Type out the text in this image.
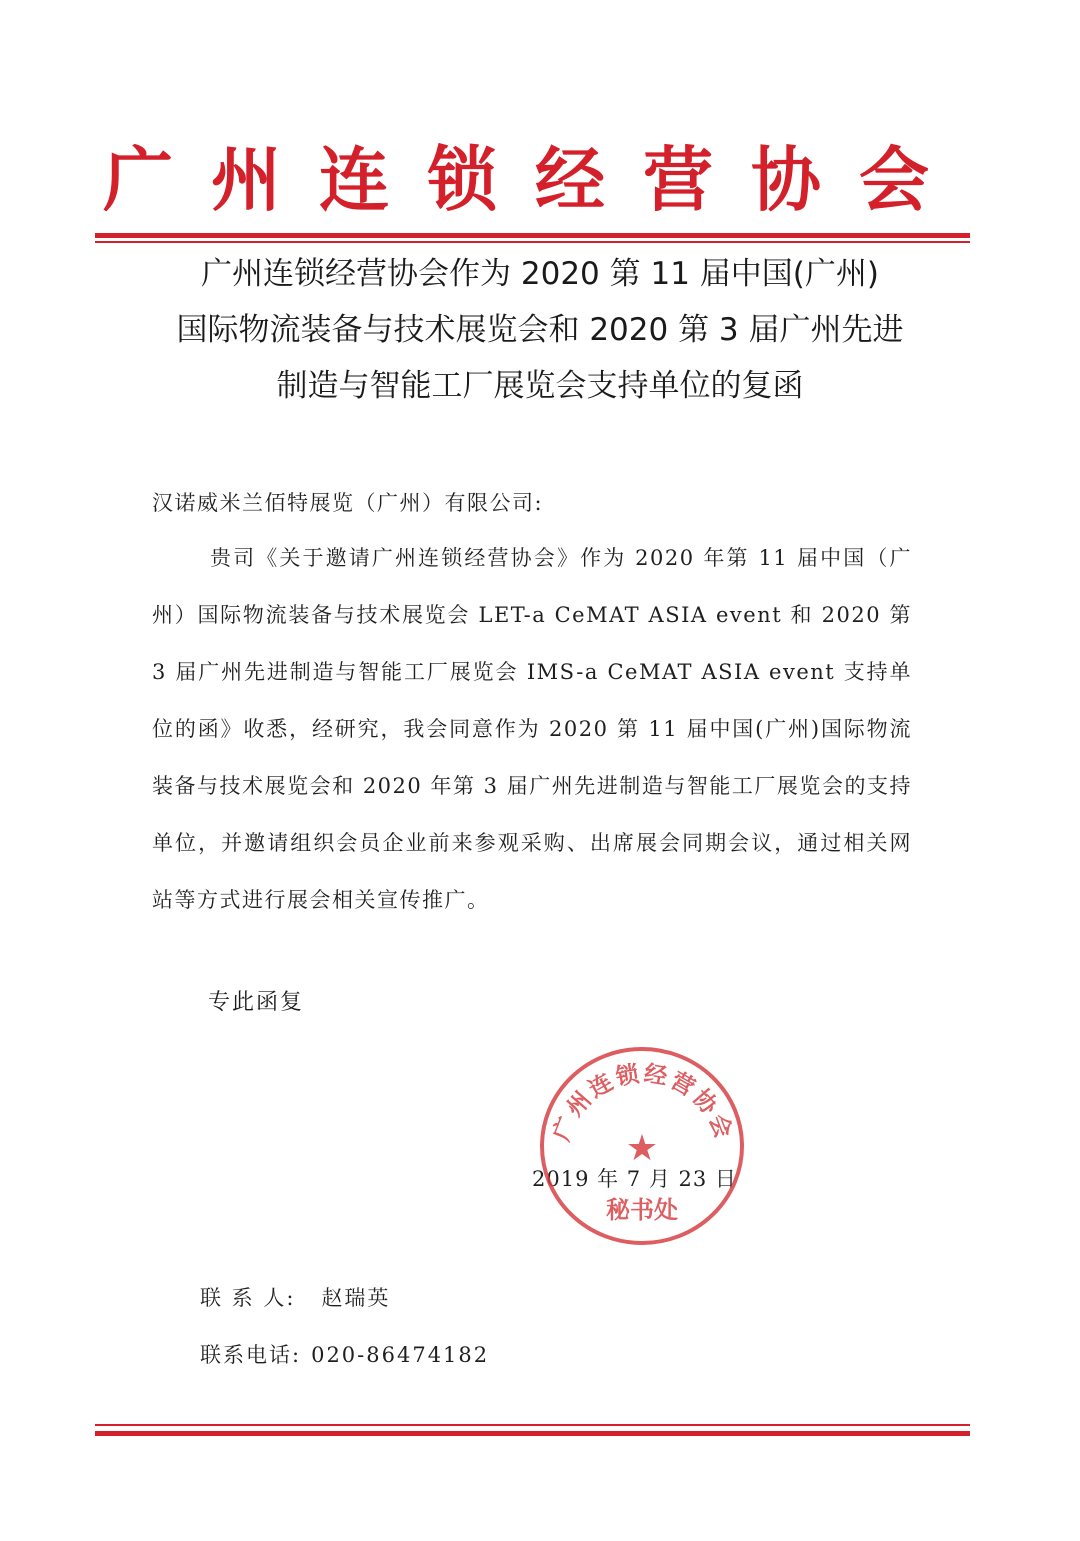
广州连锁经营协会
广州连锁经营协会作为 2020 第 11 届中国(广州)
国际物流装备与技术展览会和 2020 第 3 届广州先进
制造与智能工厂展览会支持单位的复函
汉诺威米兰佰特展览（广州）有限公司:
贵司《关于邀请广州连锁经营协会》作为 2020 年第 11 届中国（广州）国际物流装备与技术展览会 LET-a CeMAT ASIA event 和 2020 第 3 届广州先进制造与智能工厂展览会 IMS-a CeMAT ASIA event 支持单位的函》收悉，经研究，我会同意作为 2020 第 11 届中国(广州)国际物流装备与技术展览会和 2020 年第 3 届广州先进制造与智能工厂展览会的支持单位，并邀请组织会员企业前来参观采购、出席展会同期会议，通过相关网站等方式进行展会相关宣传推广。
专此函复
2019 年 7 月 23 日
广州连锁经营协会
★
秘书处
联 系 人: 赵瑞英
联系电话: 020-86474182
